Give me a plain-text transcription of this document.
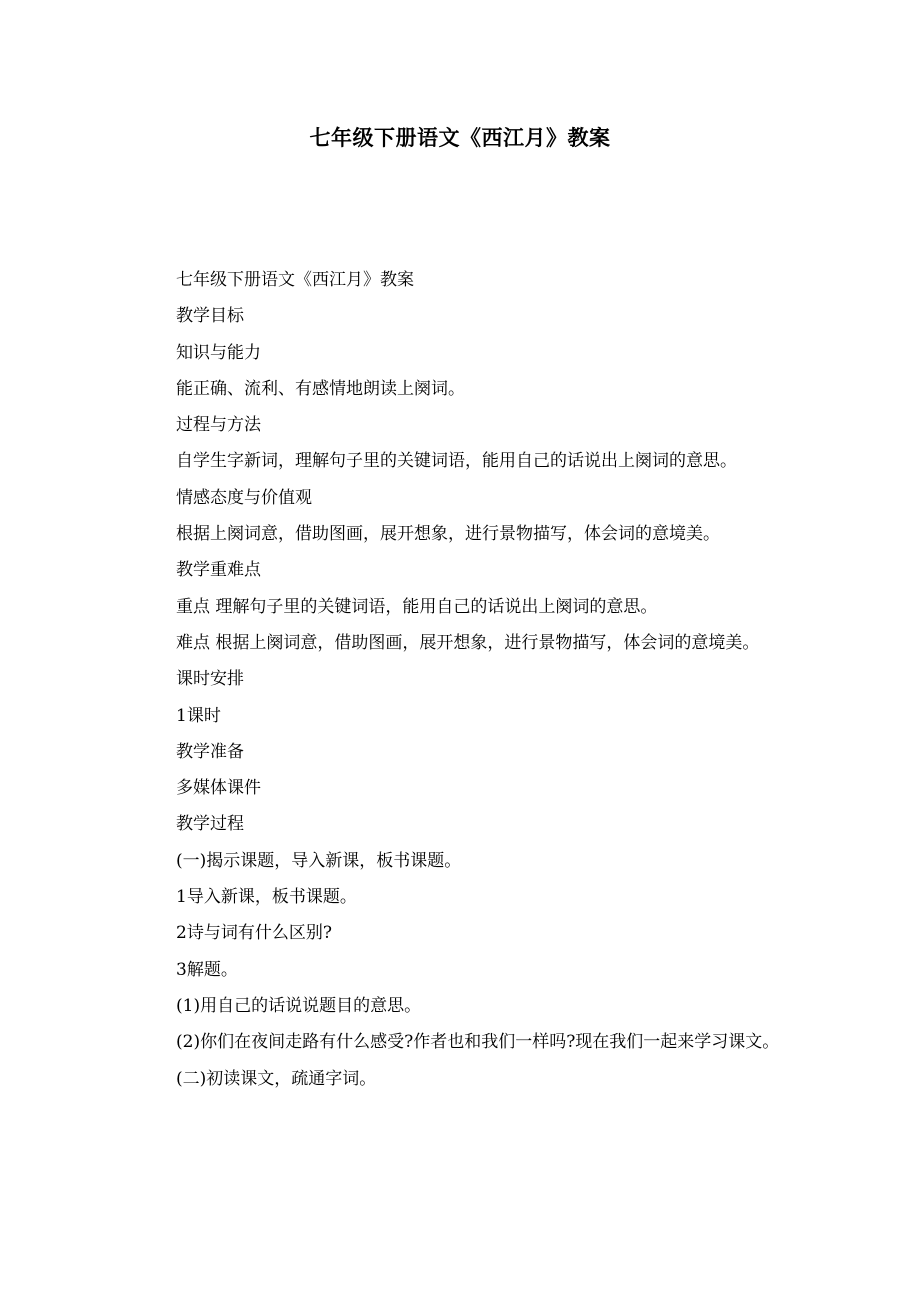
七年级下册语文《西江月》教案

七年级下册语文《西江月》教案

教学目标

知识与能力

能正确、流利、有感情地朗读上阕词。

过程与方法

自学生字新词，理解句子里的关键词语，能用自己的话说出上阕词的意思。

情感态度与价值观

根据上阕词意，借助图画，展开想象，进行景物描写，体会词的意境美。

教学重难点

重点 理解句子里的关键词语，能用自己的话说出上阕词的意思。

难点 根据上阕词意，借助图画，展开想象，进行景物描写，体会词的意境美。

课时安排

1课时

教学准备

多媒体课件

教学过程

(一)揭示课题，导入新课，板书课题。

1导入新课，板书课题。

2诗与词有什么区别?

3解题。

(1)用自己的话说说题目的意思。

(2)你们在夜间走路有什么感受?作者也和我们一样吗?现在我们一起来学习课文。

(二)初读课文，疏通字词。
